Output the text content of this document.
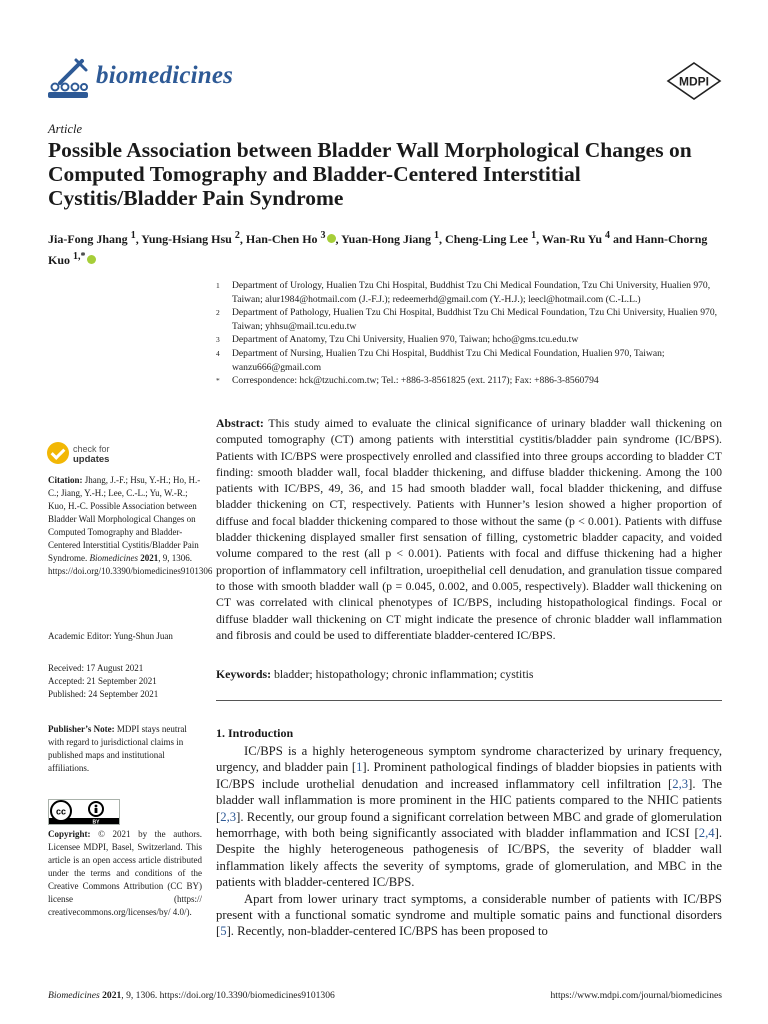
biomedicines	MDPI
Article
Possible Association between Bladder Wall Morphological Changes on Computed Tomography and Bladder-Centered Interstitial Cystitis/Bladder Pain Syndrome
Jia-Fong Jhang $^1$, Yung-Hsiang Hsu $^2$, Han-Chen Ho $^3$ , Yuan-Hong Jiang $^1$, Cheng-Ling Lee $^1$, Wan-Ru Yu $^4$ and Hann-Chorng Kuo $^{1,*}$
1	Department of Urology, Hualien Tzu Chi Hospital, Buddhist Tzu Chi Medical Foundation, Tzu Chi University, Hualien 970, Taiwan; alur1984@hotmail.com (J.-F.J.); redeemerhd@gmail.com (Y.-H.J.); leecl@hotmail.com (C.-L.L.)
2	Department of Pathology, Hualien Tzu Chi Hospital, Buddhist Tzu Chi Medical Foundation, Tzu Chi University, Hualien 970, Taiwan; yhhsu@mail.tcu.edu.tw
3	Department of Anatomy, Tzu Chi University, Hualien 970, Taiwan; hcho@gms.tcu.edu.tw
4	Department of Nursing, Hualien Tzu Chi Hospital, Buddhist Tzu Chi Medical Foundation, Hualien 970, Taiwan; wanzu666@gmail.com
*	Correspondence: hck@tzuchi.com.tw; Tel.: +886-3-8561825 (ext. 2117); Fax: +886-3-8560794
Abstract: This study aimed to evaluate the clinical significance of urinary bladder wall thickening on computed tomography (CT) among patients with interstitial cystitis/bladder pain syndrome (IC/BPS). Patients with IC/BPS were prospectively enrolled and classified into three groups according to bladder CT finding: smooth bladder wall, focal bladder thickening, and diffuse bladder thickening. Among the 100 patients with IC/BPS, 49, 36, and 15 had smooth bladder wall, focal bladder thickening, and diffuse bladder thickening on CT, respectively. Patients with Hunner’s lesion showed a higher proportion of diffuse and focal bladder thickening compared to those without the same (p < 0.001). Patients with diffuse bladder thickening displayed smaller first sensation of filling, cystometric bladder capacity, and voided volume compared to the rest (all p < 0.001). Patients with focal and diffuse thickening had a higher proportion of inflammatory cell infiltration, uroepithelial cell denudation, and granulation tissue compared to those with smooth bladder wall (p = 0.045, 0.002, and 0.005, respectively). Bladder wall thickening on CT was correlated with clinical phenotypes of IC/BPS, including histopathological findings. Focal or diffuse bladder wall thickening on CT might indicate the presence of chronic bladder wall inflammation and fibrosis and could be used to differentiate bladder-centered IC/BPS.
Keywords: bladder; histopathology; chronic inflammation; cystitis
1. Introduction

IC/BPS is a highly heterogeneous symptom syndrome characterized by urinary frequency, urgency, and bladder pain [1]. Prominent pathological findings of bladder biopsies in patients with IC/BPS include urothelial denudation and increased inflammatory cell infiltration [2,3]. The bladder wall inflammation is more prominent in the HIC patients compared to the NHIC patients [2,3]. Recently, our group found a significant correlation between MBC and grade of glomerulation hemorrhage, with both being significantly associated with bladder inflammation and ICSI [2,4]. Despite the highly heterogeneous pathogenesis of IC/BPS, the severity of bladder wall inflammation likely affects the severity of symptoms, grade of glomerulation, and MBC in the patients with bladder-centered IC/BPS.

Apart from lower urinary tract symptoms, a considerable number of patients with IC/BPS present with a functional somatic syndrome and multiple somatic pains and functional disorders [5]. Recently, non-bladder-centered IC/BPS has been proposed to

check for
updates
Citation: Jhang, J.-F.; Hsu, Y.-H.; Ho, H.-C.; Jiang, Y.-H.; Lee, C.-L.; Yu, W.-R.; Kuo, H.-C. Possible Association between Bladder Wall Morphological Changes on Computed Tomography and Bladder-Centered Interstitial Cystitis/Bladder Pain Syndrome. Biomedicines 2021, 9, 1306. https://doi.org/10.3390/biomedicines9101306
Academic Editor: Yung-Shun Juan
Received: 17 August 2021
Accepted: 21 September 2021
Published: 24 September 2021
Publisher’s Note: MDPI stays neutral with regard to jurisdictional claims in published maps and institutional affiliations.
cc
BY
Copyright: © 2021 by the authors. Licensee MDPI, Basel, Switzerland. This article is an open access article distributed under the terms and conditions of the Creative Commons Attribution (CC BY) license (https:// creativecommons.org/licenses/by/ 4.0/).
Biomedicines 2021, 9, 1306. https://doi.org/10.3390/biomedicines9101306	https://www.mdpi.com/journal/biomedicines
